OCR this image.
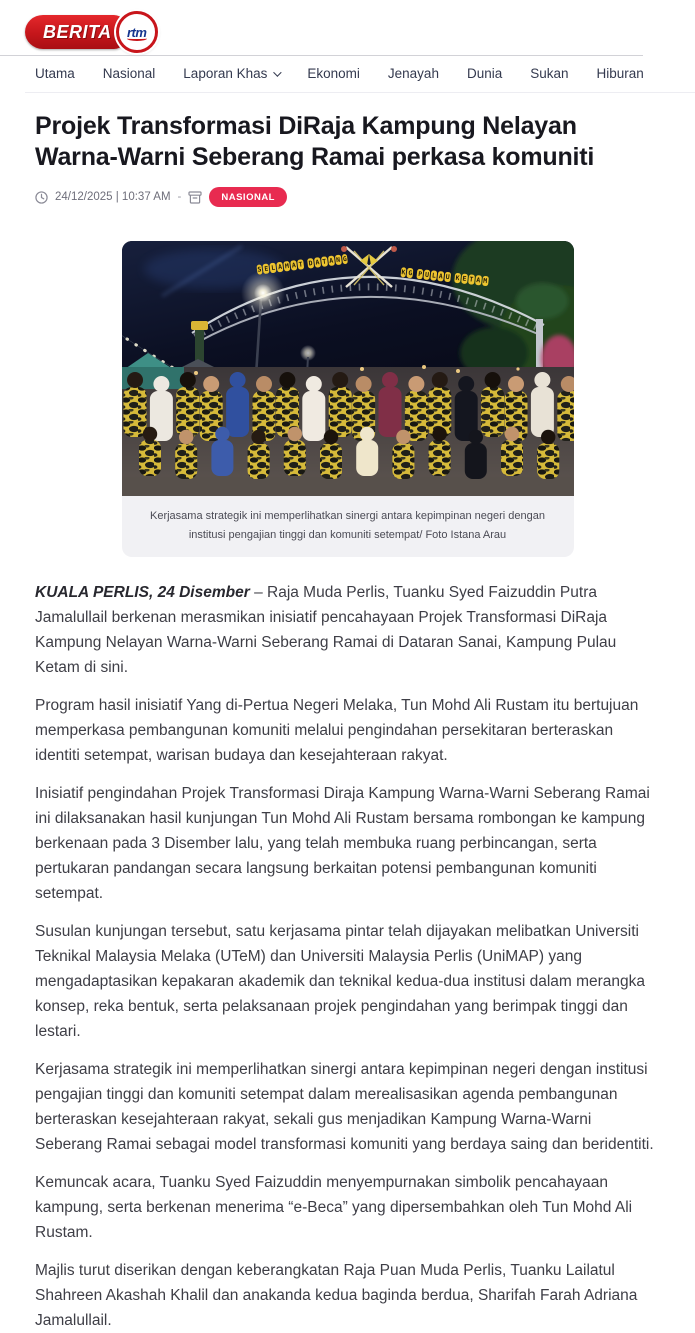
BERITA rtm
Utama Nasional Laporan Khas	Ekonomi Jenayah Dunia Sukan Hiburan
Projek Transformasi DiRaja Kampung Nelayan Warna-Warni Seberang Ramai perkasa komuniti
24/12/2025 | 10:37 AM -	NASIONAL
S E L A M A T D A T A N G
K G P U L A U K E T A M
Kerjasama strategik ini memperlihatkan sinergi antara kepimpinan negeri dengan institusi pengajian tinggi dan komuniti setempat/ Foto Istana Arau

KUALA PERLIS, 24 Disember – Raja Muda Perlis, Tuanku Syed Faizuddin Putra Jamalullail berkenan merasmikan inisiatif pencahayaan Projek Transformasi DiRaja Kampung Nelayan Warna-Warni Seberang Ramai di Dataran Sanai, Kampung Pulau Ketam di sini.

Program hasil inisiatif Yang di-Pertua Negeri Melaka, Tun Mohd Ali Rustam itu bertujuan memperkasa pembangunan komuniti melalui pengindahan persekitaran berteraskan identiti setempat, warisan budaya dan kesejahteraan rakyat.

Inisiatif pengindahan Projek Transformasi Diraja Kampung Warna-Warni Seberang Ramai ini dilaksanakan hasil kunjungan Tun Mohd Ali Rustam bersama rombongan ke kampung berkenaan pada 3 Disember lalu, yang telah membuka ruang perbincangan, serta pertukaran pandangan secara langsung berkaitan potensi pembangunan komuniti setempat.

Susulan kunjungan tersebut, satu kerjasama pintar telah dijayakan melibatkan Universiti Teknikal Malaysia Melaka (UTeM) dan Universiti Malaysia Perlis (UniMAP) yang mengadaptasikan kepakaran akademik dan teknikal kedua-dua institusi dalam merangka konsep, reka bentuk, serta pelaksanaan projek pengindahan yang berimpak tinggi dan lestari.

Kerjasama strategik ini memperlihatkan sinergi antara kepimpinan negeri dengan institusi pengajian tinggi dan komuniti setempat dalam merealisasikan agenda pembangunan berteraskan kesejahteraan rakyat, sekali gus menjadikan Kampung Warna-Warni Seberang Ramai sebagai model transformasi komuniti yang berdaya saing dan beridentiti.

Kemuncak acara, Tuanku Syed Faizuddin menyempurnakan simbolik pencahayaan kampung, serta berkenan menerima “e-Beca” yang dipersembahkan oleh Tun Mohd Ali Rustam.

Majlis turut diserikan dengan keberangkatan Raja Puan Muda Perlis, Tuanku Lailatul Shahreen Akashah Khalil dan anakanda kedua baginda berdua, Sharifah Farah Adriana Jamalullail.
